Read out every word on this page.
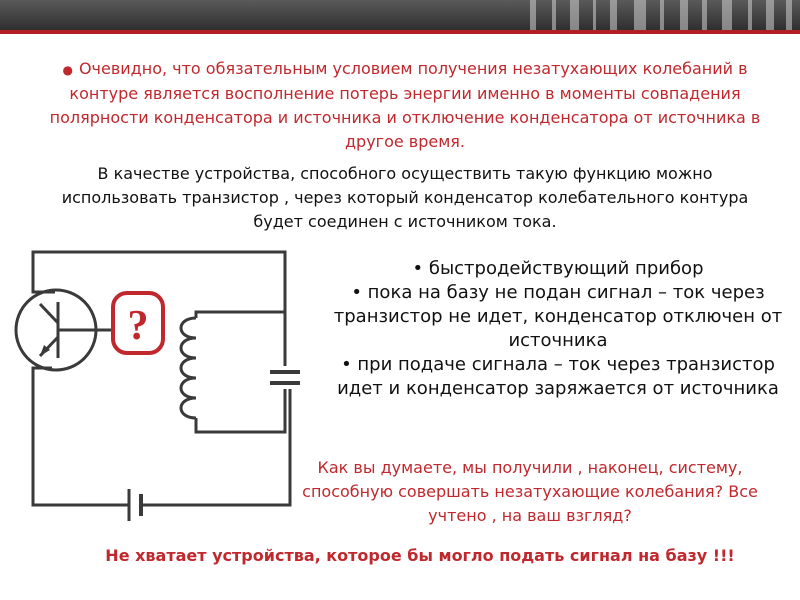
● Очевидно, что обязательным условием получения незатухающих колебаний в контуре является восполнение потерь энергии именно в моменты совпадения полярности конденсатора и источника и отключение конденсатора от источника в другое время.

В качестве устройства, способного осуществить такую функцию можно использовать транзистор , через который конденсатор колебательного контура будет соединен с источником тока.

• быстродействующий прибор
• пока на базу не подан сигнал – ток через транзистор не идет, конденсатор отключен от источника
• при подаче сигнала – ток через транзистор идет и конденсатор заряжается от источника

Как вы думаете, мы получили , наконец, систему, способную совершать незатухающие колебания? Все учтено , на ваш взгляд?

Не хватает устройства, которое бы могло подать сигнал на базу !!!

?
